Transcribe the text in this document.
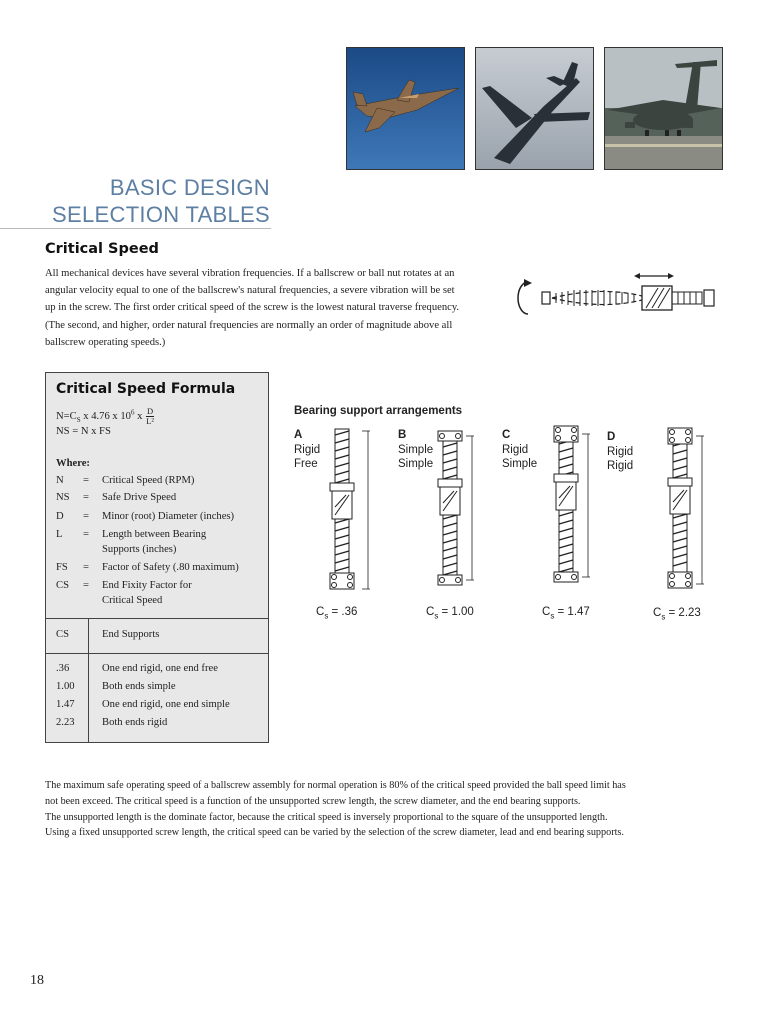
BASIC DESIGN
SELECTION TABLES
Critical Speed
All mechanical devices have several vibration frequencies. If a ballscrew or ball nut rotates at an
angular velocity equal to one of the ballscrew's natural frequencies, a severe vibration will be set
up in the screw. The first order critical speed of the screw is the lowest natural traverse frequency.
(The second, and higher, order natural frequencies are normally an order of magnitude above all
ballscrew operating speeds.)
Critical Speed Formula
$N=C_S$ x 4.76 x $10^6$ x $\frac{D}{\text{L²}}$
NS = N x FS
Where:
N = Critical Speed (RPM)
NS = Safe Drive Speed
D = Minor (root) Diameter (inches)
L = Length between Bearing
Supports (inches)
FS = Factor of Safety (.80 maximum)
CS = End Fixity Factor for
Critical Speed
CS	End Supports
.36	One end rigid, one end free
1.00	Both ends simple
1.47	One end rigid, one end simple
2.23	Both ends rigid
Bearing support arrangements
A
Rigid
Free
B
Simple
Simple
C
Rigid
Simple
D
Rigid
Rigid
$C_s = .36$	$C_s = 1.00$	$C_s = 1.47$	$C_s = 2.23$
The maximum safe operating speed of a ballscrew assembly for normal operation is 80% of the critical speed provided the ball speed limit has
not been exceed. The critical speed is a function of the unsupported screw length, the screw diameter, and the end bearing supports.
The unsupported length is the dominate factor, because the critical speed is inversely proportional to the square of the unsupported length.
Using a fixed unsupported screw length, the critical speed can be varied by the selection of the screw diameter, lead and end bearing supports.
18
